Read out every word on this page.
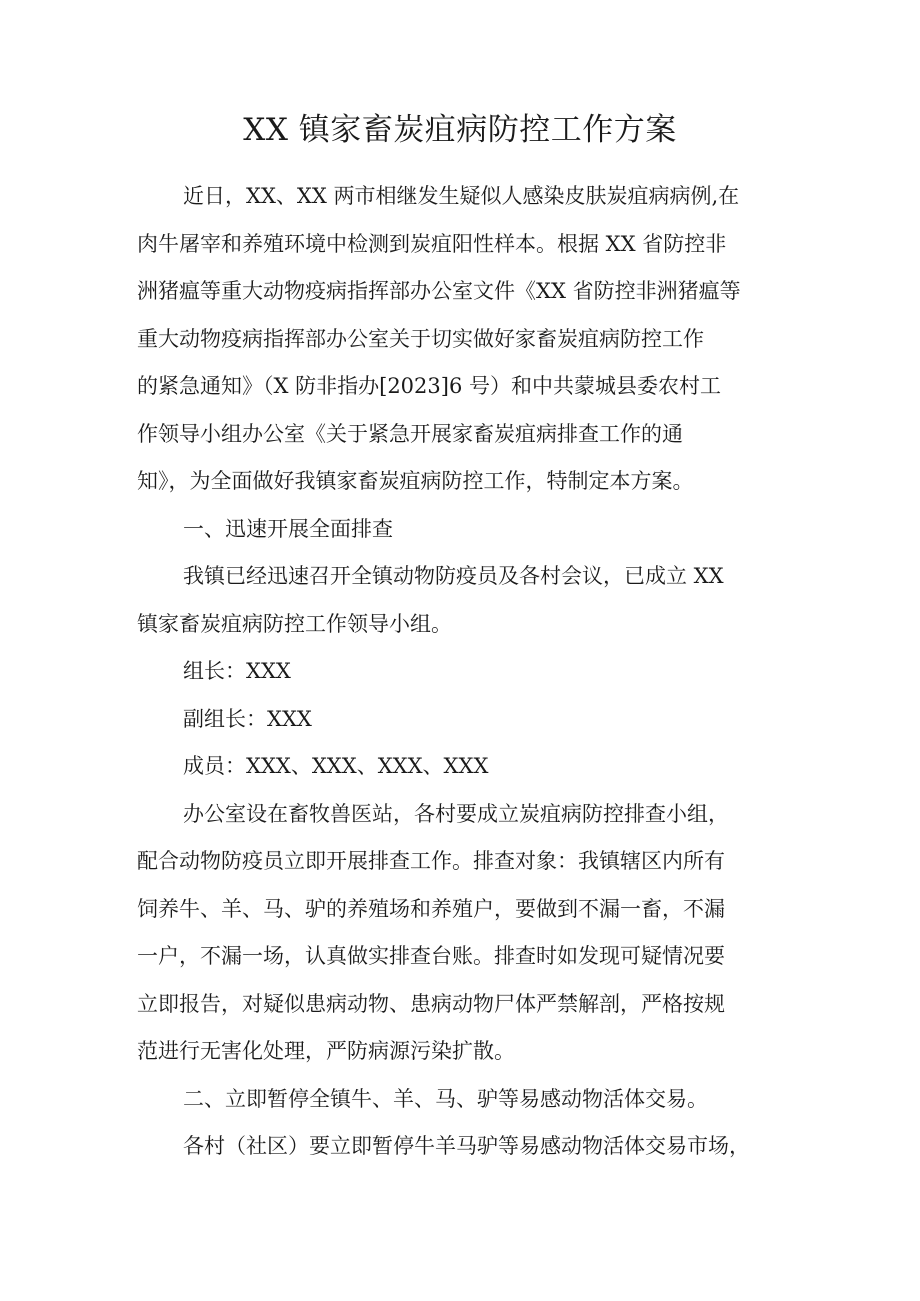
XX 镇家畜炭疽病防控工作方案
近日，XX、XX 两市相继发生疑似人感染皮肤炭疽病病例,在
肉牛屠宰和养殖环境中检测到炭疽阳性样本。根据 XX 省防控非
洲猪瘟等重大动物疫病指挥部办公室文件《XX 省防控非洲猪瘟等
重大动物疫病指挥部办公室关于切实做好家畜炭疽病防控工作
的紧急通知》（X 防非指办[2023]6 号）和中共蒙城县委农村工
作领导小组办公室《关于紧急开展家畜炭疽病排查工作的通
知》，为全面做好我镇家畜炭疽病防控工作，特制定本方案。
一、迅速开展全面排查
我镇已经迅速召开全镇动物防疫员及各村会议，已成立 XX
镇家畜炭疽病防控工作领导小组。
组长：XXX
副组长：XXX
成员：XXX、XXX、XXX、XXX
办公室设在畜牧兽医站，各村要成立炭疽病防控排查小组，
配合动物防疫员立即开展排查工作。排查对象：我镇辖区内所有
饲养牛、羊、马、驴的养殖场和养殖户，要做到不漏一畜，不漏
一户，不漏一场，认真做实排查台账。排查时如发现可疑情况要
立即报告，对疑似患病动物、患病动物尸体严禁解剖，严格按规
范进行无害化处理，严防病源污染扩散。
二、立即暂停全镇牛、羊、马、驴等易感动物活体交易。
各村（社区）要立即暂停牛羊马驴等易感动物活体交易市场，
